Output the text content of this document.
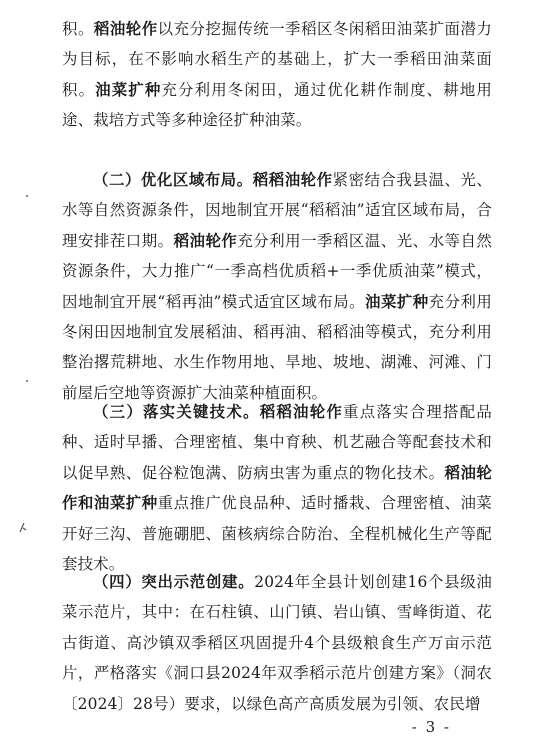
积。稻油轮作以充分挖掘传统一季稻区冬闲稻田油菜扩面潜力为目标，在不影响水稻生产的基础上，扩大一季稻田油菜面积。油菜扩种充分利用冬闲田，通过优化耕作制度、耕地用途、栽培方式等多种途径扩种油菜。

（二）优化区域布局。稻稻油轮作紧密结合我县温、光、水等自然资源条件，因地制宜开展“稻稻油”适宜区域布局，合理安排茬口期。稻油轮作充分利用一季稻区温、光、水等自然资源条件，大力推广“一季高档优质稻+一季优质油菜”模式，因地制宜开展“稻再油”模式适宜区域布局。油菜扩种充分利用冬闲田因地制宜发展稻油、稻再油、稻稻油等模式，充分利用整治撂荒耕地、水生作物用地、旱地、坡地、湖滩、河滩、门前屋后空地等资源扩大油菜种植面积。

（三）落实关键技术。稻稻油轮作重点落实合理搭配品种、适时早播、合理密植、集中育秧、机艺融合等配套技术和以促早熟、促谷粒饱满、防病虫害为重点的物化技术。稻油轮作和油菜扩种重点推广优良品种、适时播栽、合理密植、油菜开好三沟、普施硼肥、菌核病综合防治、全程机械化生产等配套技术。

（四）突出示范创建。2024年全县计划创建16个县级油菜示范片，其中：在石柱镇、山门镇、岩山镇、雪峰街道、花古街道、高沙镇双季稻区巩固提升4个县级粮食生产万亩示范片，严格落实《洞口县2024年双季稻示范片创建方案》（洞农〔2024〕28号）要求，以绿色高产高质发展为引领、农民增

- 3 -
